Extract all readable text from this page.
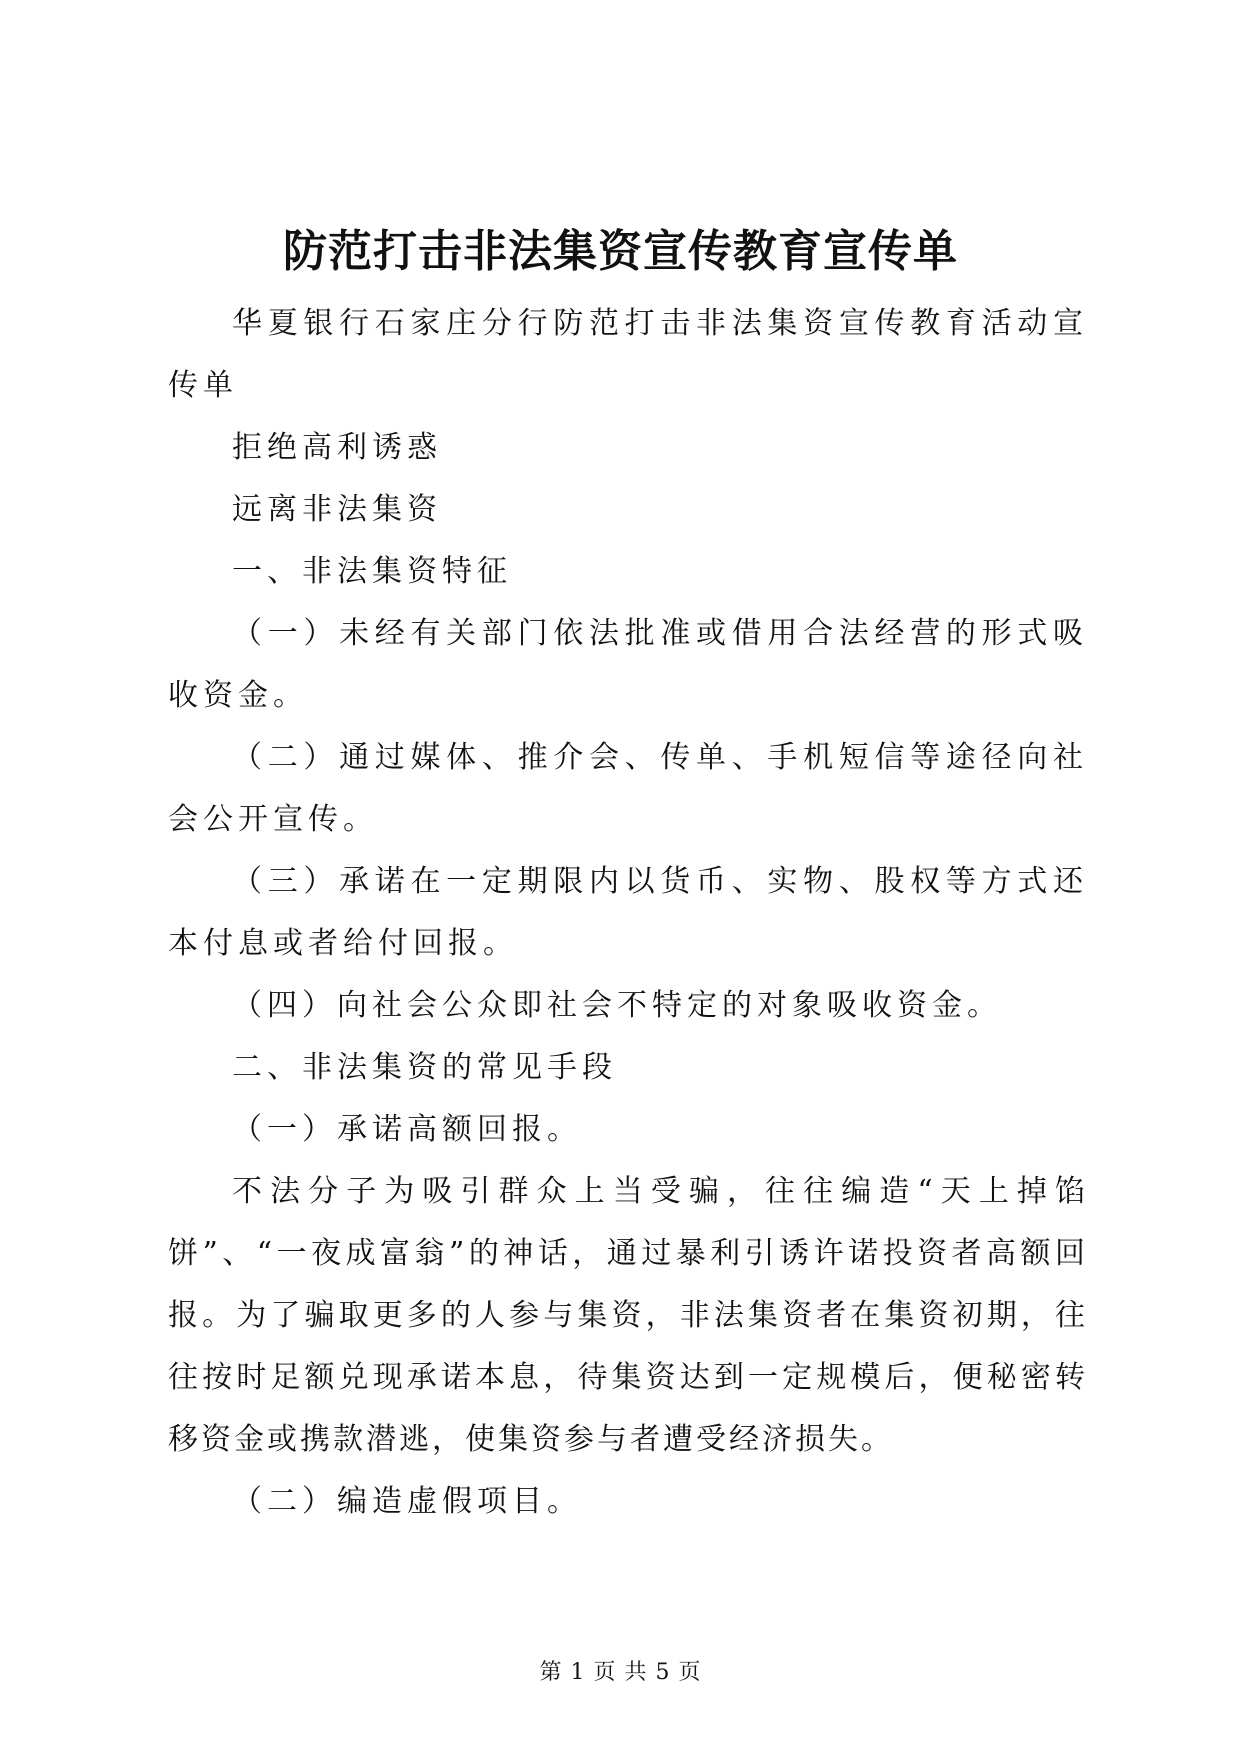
防范打击非法集资宣传教育宣传单

华夏银行石家庄分行防范打击非法集资宣传教育活动宣传单

拒绝高利诱惑

远离非法集资

一、非法集资特征

（一）未经有关部门依法批准或借用合法经营的形式吸收资金。

（二）通过媒体、推介会、传单、手机短信等途径向社会公开宣传。

（三）承诺在一定期限内以货币、实物、股权等方式还本付息或者给付回报。

（四）向社会公众即社会不特定的对象吸收资金。

二、非法集资的常见手段

（一）承诺高额回报。

不法分子为吸引群众上当受骗，往往编造“天上掉馅饼”、“一夜成富翁”的神话，通过暴利引诱许诺投资者高额回报。为了骗取更多的人参与集资，非法集资者在集资初期，往往按时足额兑现承诺本息，待集资达到一定规模后，便秘密转移资金或携款潜逃，使集资参与者遭受经济损失。

（二）编造虚假项目。

第 1 页 共 5 页
